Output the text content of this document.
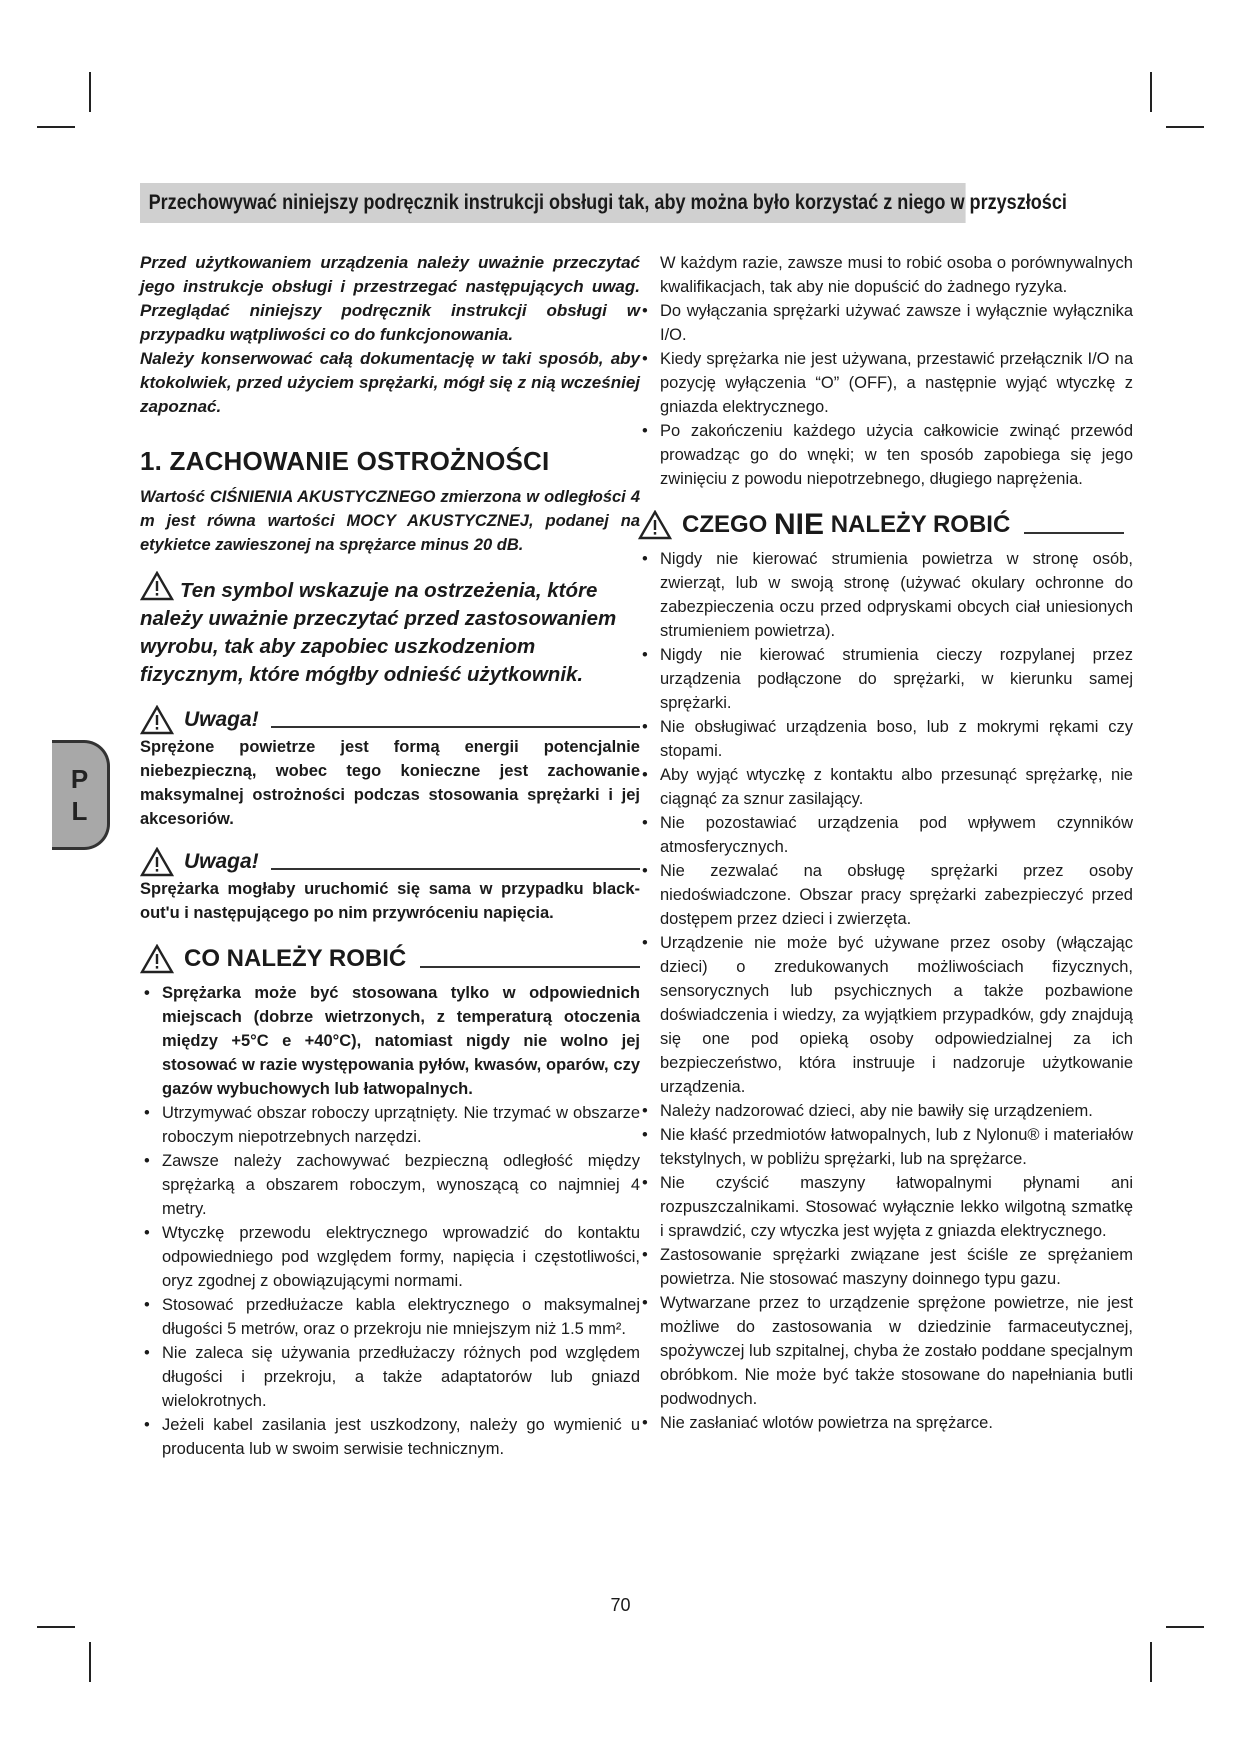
Przechowywać niniejszy podręcznik instrukcji obsługi tak, aby można było korzystać z niego w przyszłości
P
L

Przed użytkowaniem urządzenia należy uważnie przeczytać jego instrukcje obsługi i przestrzegać następujących uwag. Przeglądać niniejszy podręcznik instrukcji obsługi w przypadku wątpliwości co do funkcjonowania.

Należy konserwować całą dokumentację w taki sposób, aby ktokolwiek, przed użyciem sprężarki, mógł się z nią wcześniej zapoznać.

1. ZACHOWANIE OSTROŻNOŚCI

Wartość CIŚNIENIA AKUSTYCZNEGO zmierzona w odległości 4 m jest równa wartości MOCY AKUSTYCZNEJ, podanej na etykietce zawieszonej na sprężarce minus 20 dB.

Ten symbol wskazuje na ostrzeżenia, które należy uważnie przeczytać przed zastosowaniem wyrobu, tak aby zapobiec uszkodzeniom fizycznym, które mógłby odnieść użytkownik.

Uwaga!

Sprężone powietrze jest formą energii potencjalnie niebezpieczną, wobec tego konieczne jest zachowanie maksymalnej ostrożności podczas stosowania sprężarki i jej akcesoriów.

Uwaga!

Sprężarka mogłaby uruchomić się sama w przypadku black-out'u i następującego po nim przywróceniu napięcia.

CO NALEŻY ROBIĆ
• Sprężarka może być stosowana tylko w odpowiednich miejscach (dobrze wietrzonych, z temperaturą otoczenia między +5°C e +40°C), natomiast nigdy nie wolno jej stosować w razie występowania pyłów, kwasów, oparów, czy gazów wybuchowych lub łatwopalnych.
• Utrzymywać obszar roboczy uprzątnięty. Nie trzymać w obszarze roboczym niepotrzebnych narzędzi.
• Zawsze należy zachowywać bezpieczną odległość między sprężarką a obszarem roboczym, wynoszącą co najmniej 4 metry.
• Wtyczkę przewodu elektrycznego wprowadzić do kontaktu odpowiedniego pod względem formy, napięcia i częstotliwości, oryz zgodnej z obowiązującymi normami.
• Stosować przedłużacze kabla elektrycznego o maksymalnej długości 5 metrów, oraz o przekroju nie mniejszym niż 1.5 mm².
• Nie zaleca się używania przedłużaczy różnych pod względem długości i przekroju, a także adaptatorów lub gniazd wielokrotnych.
• Jeżeli kabel zasilania jest uszkodzony, należy go wymienić u producenta lub w swoim serwisie technicznym.

W każdym razie, zawsze musi to robić osoba o porównywalnych kwalifikacjach, tak aby nie dopuścić do żadnego ryzyka.

• Do wyłączania sprężarki używać zawsze i wyłącznie wyłącznika I/O.
• Kiedy sprężarka nie jest używana, przestawić przełącznik I/O na pozycję wyłączenia “O” (OFF), a następnie wyjąć wtyczkę z gniazda elektrycznego.
• Po zakończeniu każdego użycia całkowicie zwinąć przewód prowadząc go do wnęki; w ten sposób zapobiega się jego zwinięciu z powodu niepotrzebnego, długiego naprężenia.
CZEGO
NIE
NALEŻY ROBIĆ
• Nigdy nie kierować strumienia powietrza w stronę osób, zwierząt, lub w swoją stronę (używać okulary ochronne do zabezpieczenia oczu przed odpryskami obcych ciał uniesionych strumieniem powietrza).
• Nigdy nie kierować strumienia cieczy rozpylanej przez urządzenia podłączone do sprężarki, w kierunku samej sprężarki.
• Nie obsługiwać urządzenia boso, lub z mokrymi rękami czy stopami.
• Aby wyjąć wtyczkę z kontaktu albo przesunąć sprężarkę, nie ciągnąć za sznur zasilający.
• Nie pozostawiać urządzenia pod wpływem czynników atmosferycznych.
• Nie zezwalać na obsługę sprężarki przez osoby niedoświadczone. Obszar pracy sprężarki zabezpieczyć przed dostępem przez dzieci i zwierzęta.
• Urządzenie nie może być używane przez osoby (włączając dzieci) o zredukowanych możliwościach fizycznych, sensorycznych lub psychicznych a także pozbawione doświadczenia i wiedzy, za wyjątkiem przypadków, gdy znajdują się one pod opieką osoby odpowiedzialnej za ich bezpieczeństwo, która instruuje i nadzoruje użytkowanie urządzenia.
• Należy nadzorować dzieci, aby nie bawiły się urządzeniem.
• Nie kłaść przedmiotów łatwopalnych, lub z Nylonu® i materiałów tekstylnych, w pobliżu sprężarki, lub na sprężarce.
• Nie czyścić maszyny łatwopalnymi płynami ani rozpuszczalnikami. Stosować wyłącznie lekko wilgotną szmatkę i sprawdzić, czy wtyczka jest wyjęta z gniazda elektrycznego.
• Zastosowanie sprężarki związane jest ściśle ze sprężaniem powietrza. Nie stosować maszyny doinnego typu gazu.
• Wytwarzane przez to urządzenie sprężone powietrze, nie jest możliwe do zastosowania w dziedzinie farmaceutycznej, spożywczej lub szpitalnej, chyba że zostało poddane specjalnym obróbkom. Nie może być także stosowane do napełniania butli podwodnych.
• Nie zasłaniać wlotów powietrza na sprężarce.
70
